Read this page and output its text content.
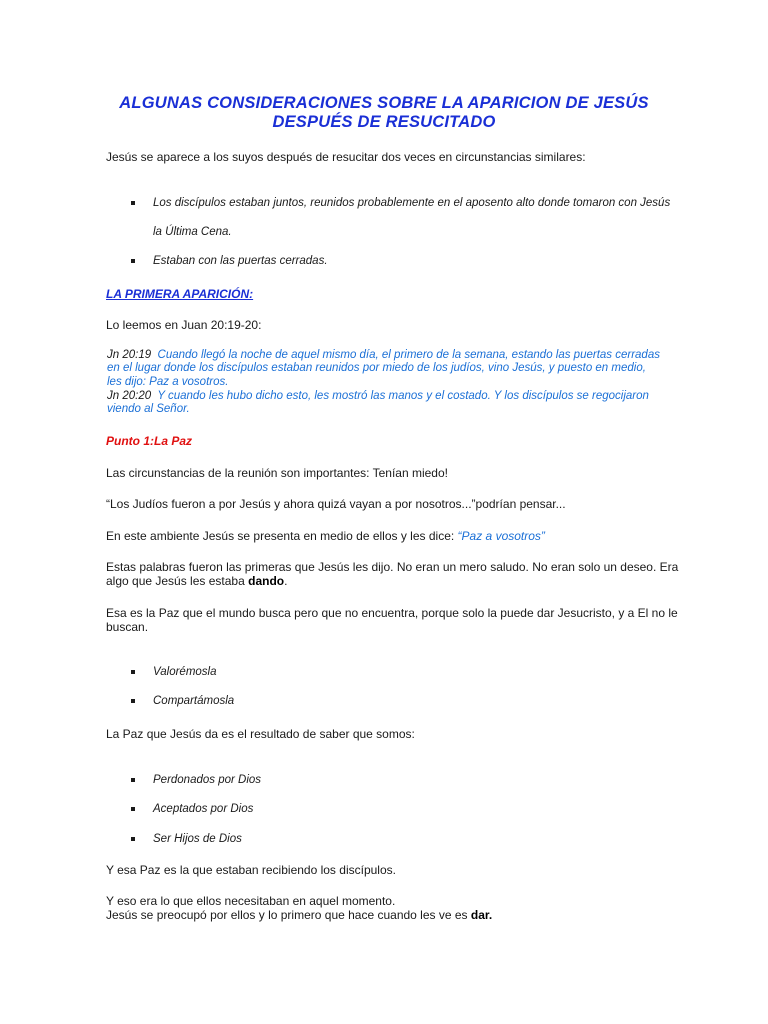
ALGUNAS CONSIDERACIONES SOBRE LA APARICION DE JESÚS
DESPUÉS DE RESUCITADO

Jesús se aparece a los suyos después de resucitar dos veces en circunstancias similares:

Los discípulos estaban juntos, reunidos probablemente en el aposento alto donde tomaron con Jesús

la Última Cena.

Estaban con las puertas cerradas.

LA PRIMERA APARICIÓN:

Lo leemos en Juan 20:19-20:

Jn 20:19 Cuando llegó la noche de aquel mismo día, el primero de la semana, estando las puertas cerradas

en el lugar donde los discípulos estaban reunidos por miedo de los judíos, vino Jesús, y puesto en medio,

les dijo: Paz a vosotros.

Jn 20:20 Y cuando les hubo dicho esto, les mostró las manos y el costado. Y los discípulos se regocijaron

viendo al Señor.

Punto 1:La Paz

Las circunstancias de la reunión son importantes: Tenían miedo!

“Los Judíos fueron a por Jesús y ahora quizá vayan a por nosotros...”podrían pensar...

En este ambiente Jesús se presenta en medio de ellos y les dice: “Paz a vosotros”

Estas palabras fueron las primeras que Jesús les dijo. No eran un mero saludo. No eran solo un deseo. Era

algo que Jesús les estaba dando.

Esa es la Paz que el mundo busca pero que no encuentra, porque solo la puede dar Jesucristo, y a El no le

buscan.

Valorémosla

Compartámosla

La Paz que Jesús da es el resultado de saber que somos:

Perdonados por Dios

Aceptados por Dios

Ser Hijos de Dios

Y esa Paz es la que estaban recibiendo los discípulos.

Y eso era lo que ellos necesitaban en aquel momento.

Jesús se preocupó por ellos y lo primero que hace cuando les ve es dar.
